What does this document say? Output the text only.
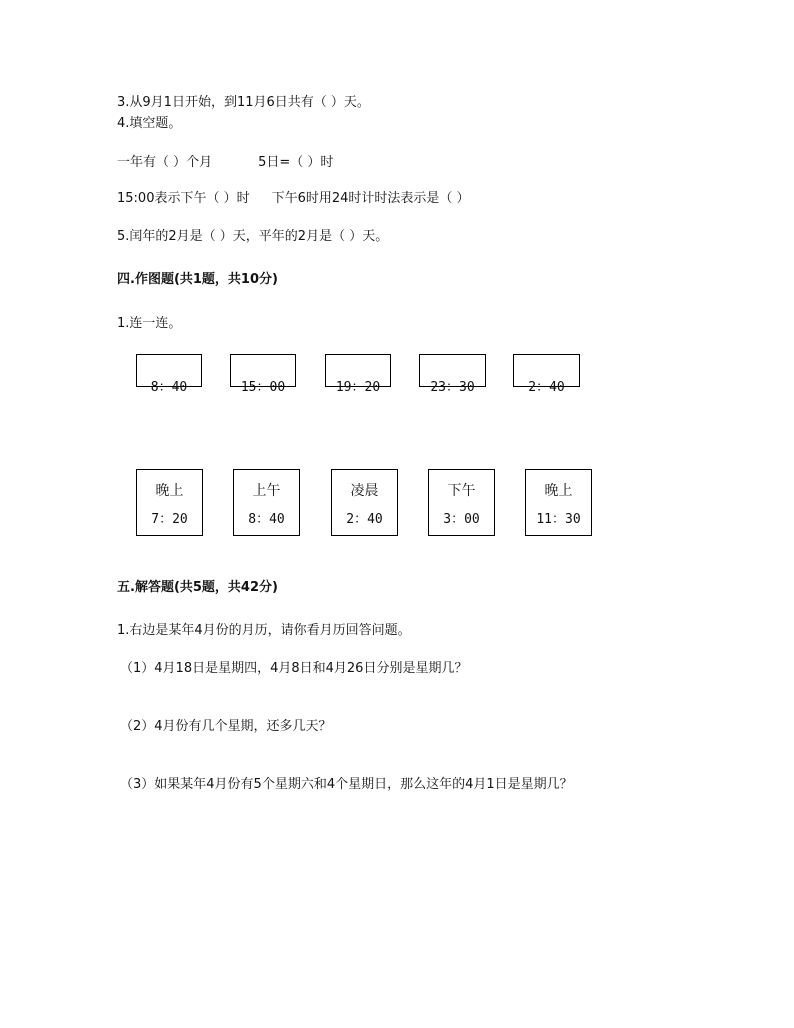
3.从9月1日开始，到11月6日共有（ ）天。
4.填空题。
一年有（ ）个月	5日=（ ）时
15:00表示下午（ ）时 下午6时用24时计时法表示是（ ）
5.闰年的2月是（ ）天，平年的2月是（ ）天。
四.作图题(共1题，共10分)
1.连一连。
8：40	15：00	19：20	23：30	2：40
晚上
7：20
上午
8：40
凌晨
2：40
下午
3：00
晚上
11：30
五.解答题(共5题，共42分)
1.右边是某年4月份的月历，请你看月历回答问题。
（1）4月18日是星期四，4月8日和4月26日分别是星期几？
（2）4月份有几个星期，还多几天？
（3）如果某年4月份有5个星期六和4个星期日，那么这年的4月1日是星期几？
